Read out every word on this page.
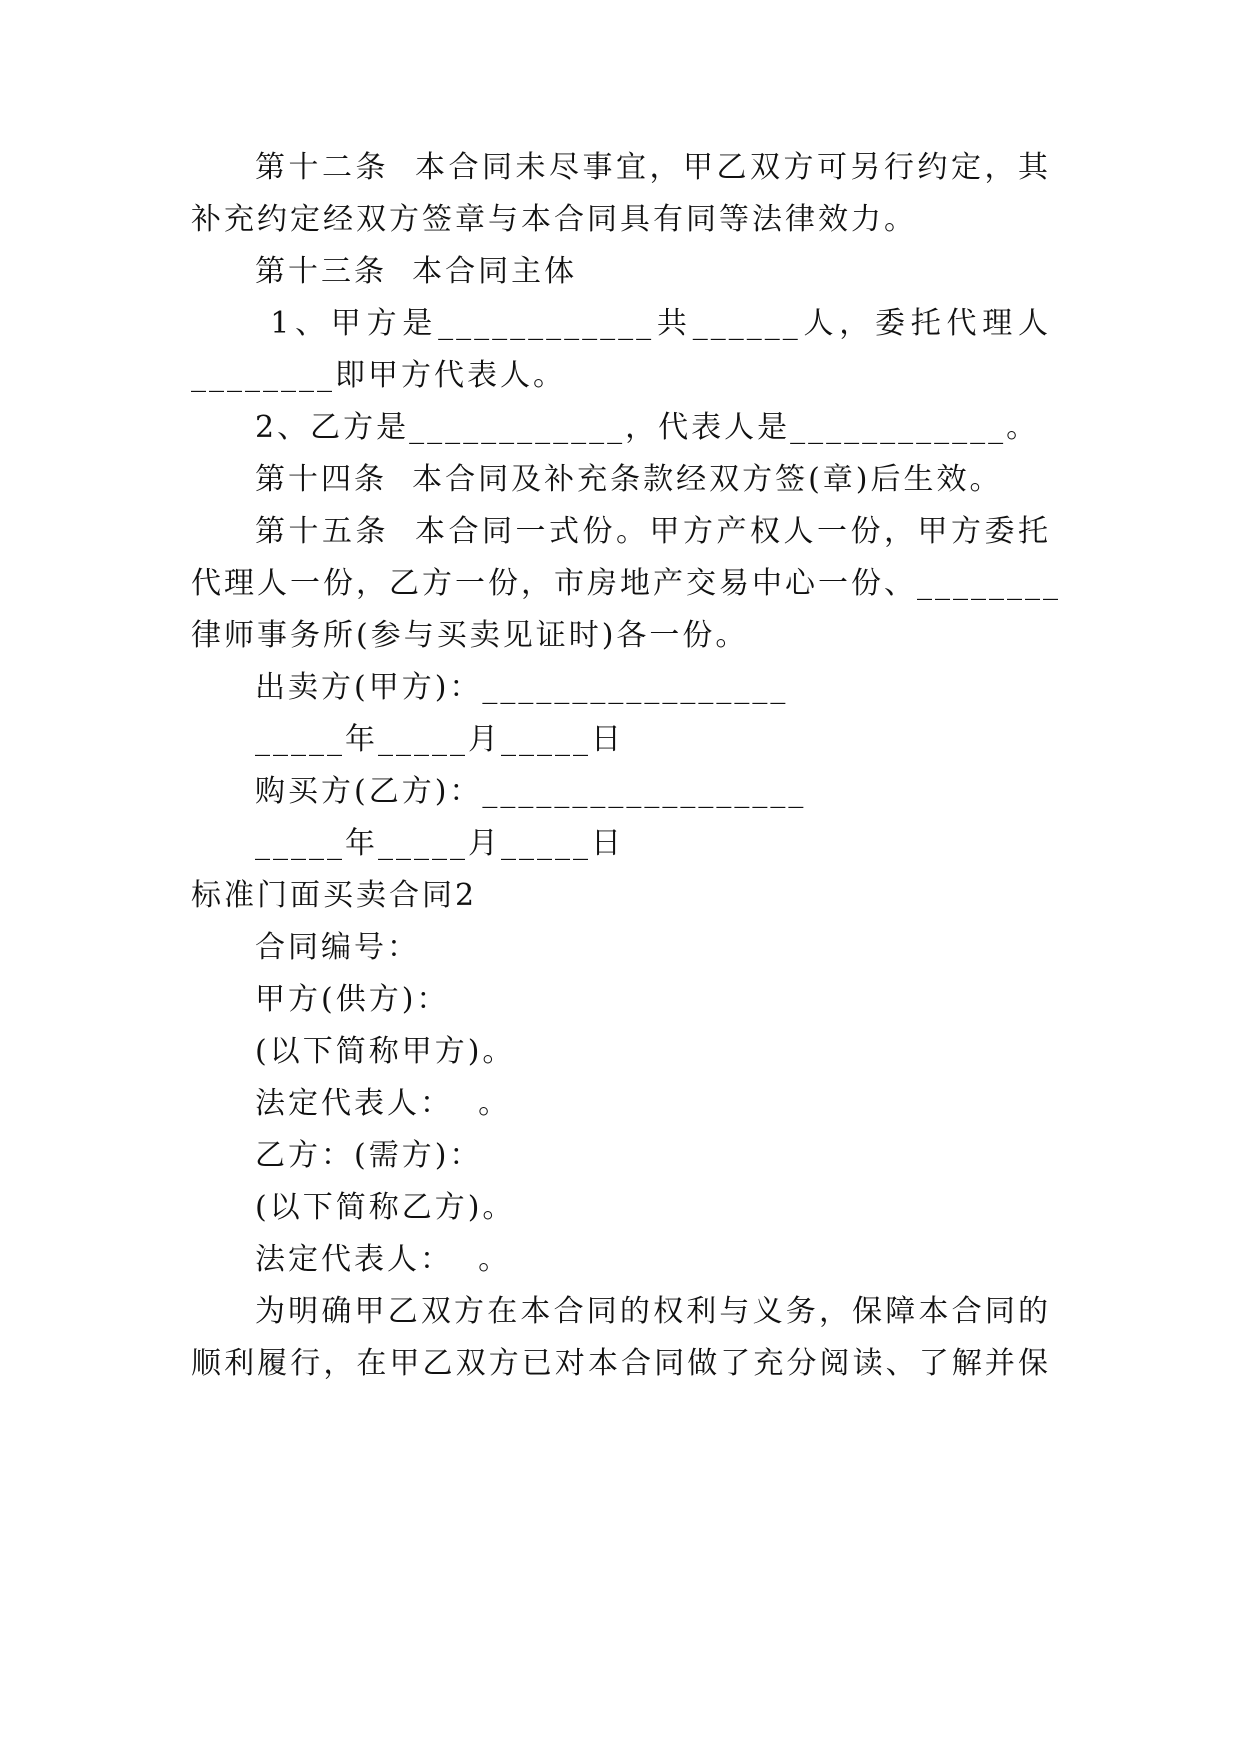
第十二条  本合同未尽事宜，甲乙双方可另行约定，其
补充约定经双方签章与本合同具有同等法律效力。
第十三条  本合同主体
1、甲方是____________共______人，委托代理人
________即甲方代表人。
2、乙方是____________，代表人是____________。
第十四条  本合同及补充条款经双方签(章)后生效。
第十五条  本合同一式份。甲方产权人一份，甲方委托
代理人一份，乙方一份，市房地产交易中心一份、________
律师事务所(参与买卖见证时)各一份。
出卖方(甲方)：_________________
_____年_____月_____日
购买方(乙方)：__________________
_____年_____月_____日
标准门面买卖合同2
合同编号：
甲方(供方)：
(以下简称甲方)。
法定代表人：  。
乙方：(需方)：
(以下简称乙方)。
法定代表人：  。
为明确甲乙双方在本合同的权利与义务，保障本合同的
顺利履行，在甲乙双方已对本合同做了充分阅读、了解并保
